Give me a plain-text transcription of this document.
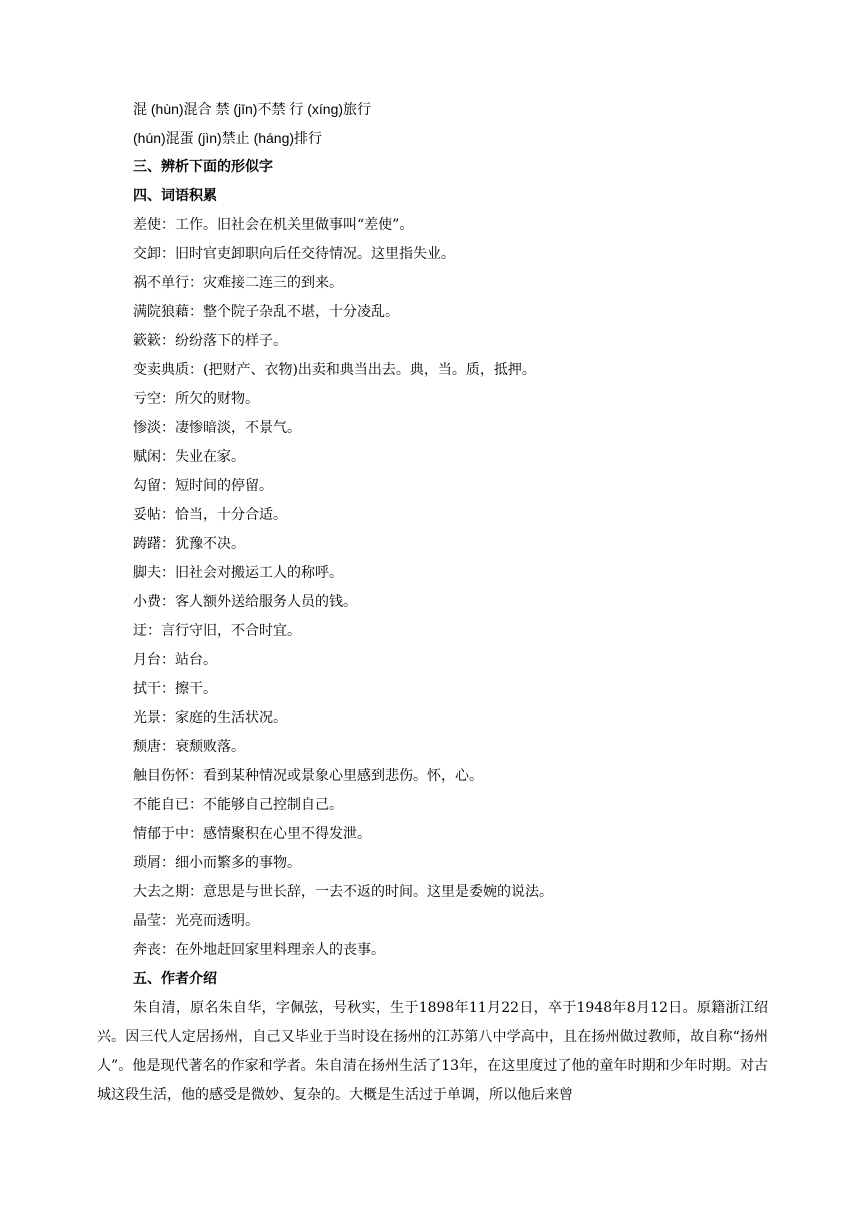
混 (hùn)混合 禁 (jīn)不禁 行 (xíng)旅行
(hún)混蛋 (jìn)禁止 (háng)排行
三、辨析下面的形似字
四、词语积累
差使：工作。旧社会在机关里做事叫“差使”。
交卸：旧时官吏卸职向后任交待情况。这里指失业。
祸不单行：灾难接二连三的到来。
满院狼藉：整个院子杂乱不堪，十分凌乱。
簌簌：纷纷落下的样子。
变卖典质：(把财产、衣物)出卖和典当出去。典，当。质，抵押。
亏空：所欠的财物。
惨淡：凄惨暗淡，不景气。
赋闲：失业在家。
勾留：短时间的停留。
妥帖：恰当，十分合适。
踌躇：犹豫不决。
脚夫：旧社会对搬运工人的称呼。
小费：客人额外送给服务人员的钱。
迂：言行守旧，不合时宜。
月台：站台。
拭干：擦干。
光景：家庭的生活状况。
颓唐：衰颓败落。
触目伤怀：看到某种情况或景象心里感到悲伤。怀，心。
不能自已：不能够自己控制自己。
情郁于中：感情聚积在心里不得发泄。
琐屑：细小而繁多的事物。
大去之期：意思是与世长辞，一去不返的时间。这里是委婉的说法。
晶莹：光亮而透明。
奔丧：在外地赶回家里料理亲人的丧事。
五、作者介绍

朱自清，原名朱自华，字佩弦，号秋实，生于1898年11月22日，卒于1948年8月12日。原籍浙江绍兴。因三代人定居扬州，自己又毕业于当时设在扬州的江苏第八中学高中，且在扬州做过教师，故自称“扬州人”。他是现代著名的作家和学者。朱自清在扬州生活了13年，在这里度过了他的童年时期和少年时期。对古城这段生活，他的感受是微妙、复杂的。大概是生活过于单调，所以他后来曾
